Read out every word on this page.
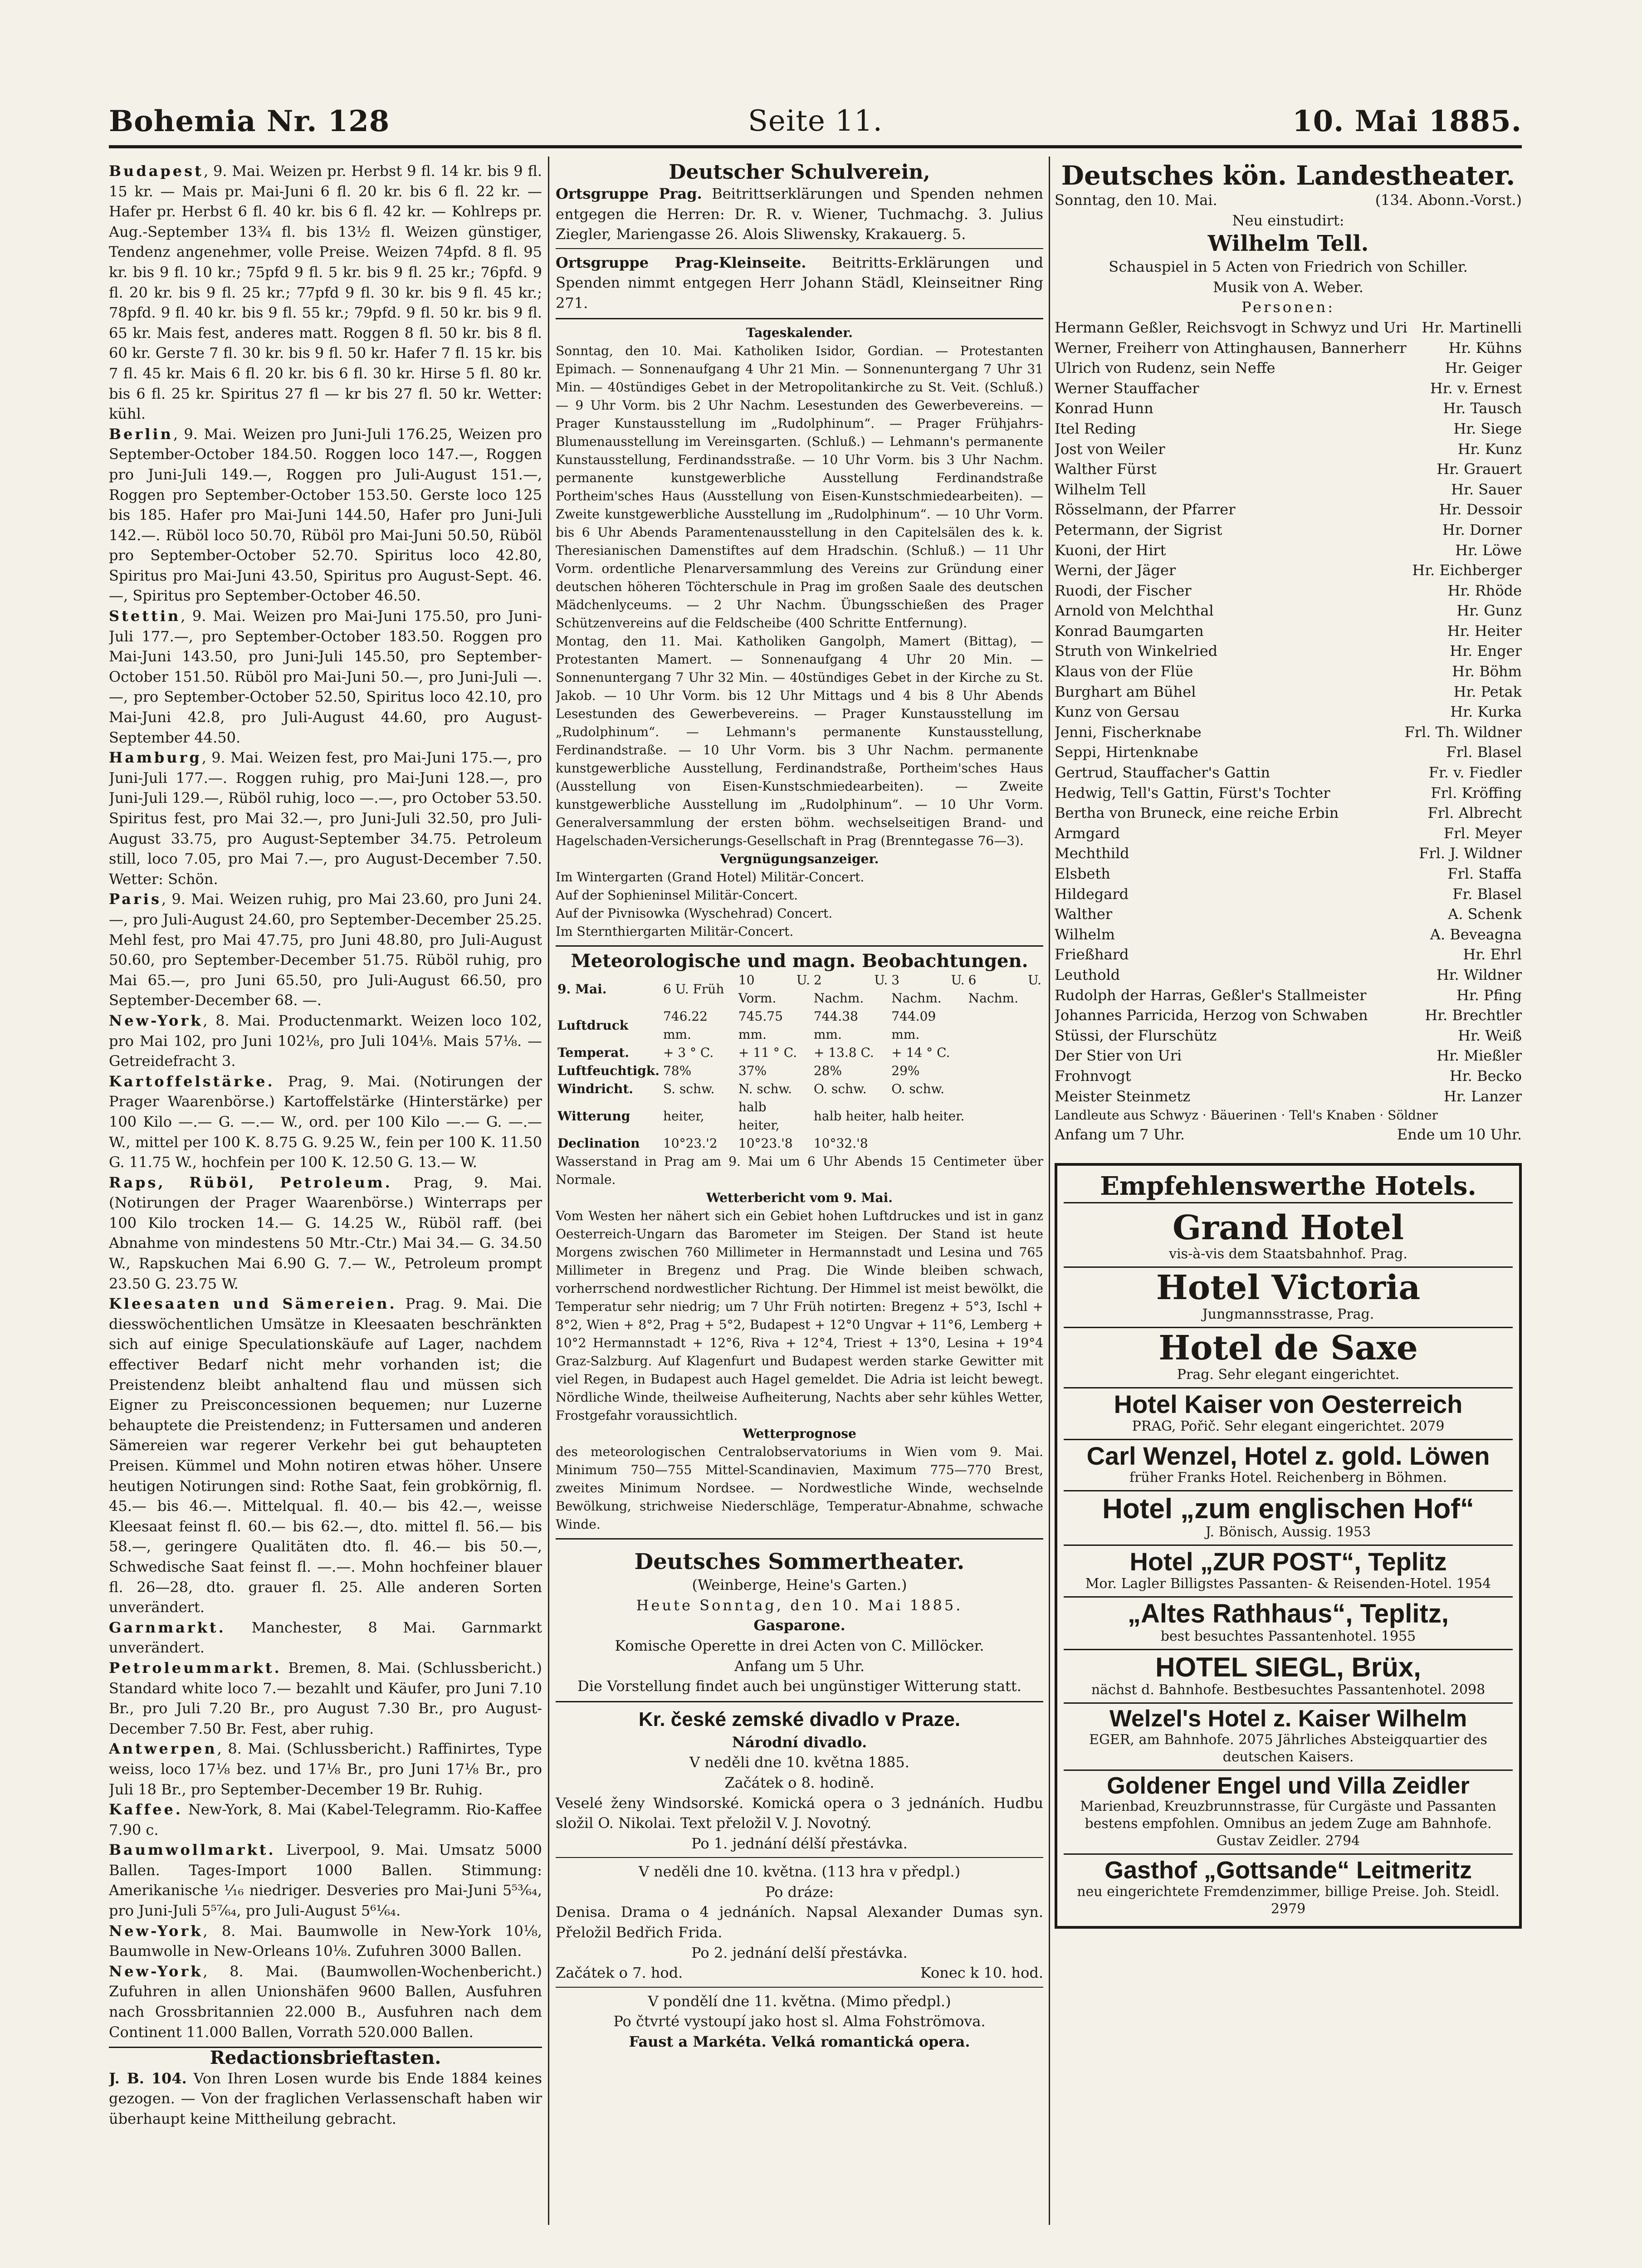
Bohemia Nr. 128	Seite 11.	10. Mai 1885.

Budapest, 9. Mai. Weizen pr. Herbst 9 fl. 14 kr. bis 9 fl. 15 kr. — Mais pr. Mai-Juni 6 fl. 20 kr. bis 6 fl. 22 kr. — Hafer pr. Herbst 6 fl. 40 kr. bis 6 fl. 42 kr. — Kohlreps pr. Aug.-September 13³⁄₄ fl. bis 13¹⁄₂ fl. Weizen günstiger, Tendenz angenehmer, volle Preise. Weizen 74pfd. 8 fl. 95 kr. bis 9 fl. 10 kr.; 75pfd 9 fl. 5 kr. bis 9 fl. 25 kr.; 76pfd. 9 fl. 20 kr. bis 9 fl. 25 kr.; 77pfd 9 fl. 30 kr. bis 9 fl. 45 kr.; 78pfd. 9 fl. 40 kr. bis 9 fl. 55 kr.; 79pfd. 9 fl. 50 kr. bis 9 fl. 65 kr. Mais fest, anderes matt. Roggen 8 fl. 50 kr. bis 8 fl. 60 kr. Gerste 7 fl. 30 kr. bis 9 fl. 50 kr. Hafer 7 fl. 15 kr. bis 7 fl. 45 kr. Mais 6 fl. 20 kr. bis 6 fl. 30 kr. Hirse 5 fl. 80 kr. bis 6 fl. 25 kr. Spiritus 27 fl — kr bis 27 fl. 50 kr. Wetter: kühl.

Berlin, 9. Mai. Weizen pro Juni-Juli 176.25, Weizen pro September-October 184.50. Roggen loco 147.—, Roggen pro Juni-Juli 149.—, Roggen pro Juli-August 151.—, Roggen pro September-October 153.50. Gerste loco 125 bis 185. Hafer pro Mai-Juni 144.50, Hafer pro Juni-Juli 142.—. Rüböl loco 50.70, Rüböl pro Mai-Juni 50.50, Rüböl pro September-October 52.70. Spiritus loco 42.80, Spiritus pro Mai-Juni 43.50, Spiritus pro August-Sept. 46.—, Spiritus pro September-October 46.50.

Stettin, 9. Mai. Weizen pro Mai-Juni 175.50, pro Juni-Juli 177.—, pro September-October 183.50. Roggen pro Mai-Juni 143.50, pro Juni-Juli 145.50, pro September-October 151.50. Rüböl pro Mai-Juni 50.—, pro Juni-Juli —.—, pro September-October 52.50, Spiritus loco 42.10, pro Mai-Juni 42.8, pro Juli-August 44.60, pro August-September 44.50.

Hamburg, 9. Mai. Weizen fest, pro Mai-Juni 175.—, pro Juni-Juli 177.—. Roggen ruhig, pro Mai-Juni 128.—, pro Juni-Juli 129.—, Rüböl ruhig, loco —.—, pro October 53.50. Spiritus fest, pro Mai 32.—, pro Juni-Juli 32.50, pro Juli-August 33.75, pro August-September 34.75. Petroleum still, loco 7.05, pro Mai 7.—, pro August-December 7.50. Wetter: Schön.

Paris, 9. Mai. Weizen ruhig, pro Mai 23.60, pro Juni 24.—, pro Juli-August 24.60, pro September-December 25.25. Mehl fest, pro Mai 47.75, pro Juni 48.80, pro Juli-August 50.60, pro September-December 51.75. Rüböl ruhig, pro Mai 65.—, pro Juni 65.50, pro Juli-August 66.50, pro September-December 68. —.

New-York, 8. Mai. Productenmarkt. Weizen loco 102, pro Mai 102, pro Juni 102⅛, pro Juli 104⅛. Mais 57⅛. — Getreidefracht 3.

Kartoffelstärke. Prag, 9. Mai. (Notirungen der Prager Waarenbörse.) Kartoffelstärke (Hinterstärke) per 100 Kilo —.— G. —.— W., ord. per 100 Kilo —.— G. —.— W., mittel per 100 K. 8.75 G. 9.25 W., fein per 100 K. 11.50 G. 11.75 W., hochfein per 100 K. 12.50 G. 13.— W.

Raps, Rüböl, Petroleum. Prag, 9. Mai. (Notirungen der Prager Waarenbörse.) Winterraps per 100 Kilo trocken 14.— G. 14.25 W., Rüböl raff. (bei Abnahme von mindestens 50 Mtr.-Ctr.) Mai 34.— G. 34.50 W., Rapskuchen Mai 6.90 G. 7.— W., Petroleum prompt 23.50 G. 23.75 W.

Kleesaaten und Sämereien. Prag. 9. Mai. Die diesswöchentlichen Umsätze in Kleesaaten beschränkten sich auf einige Speculationskäufe auf Lager, nachdem effectiver Bedarf nicht mehr vorhanden ist; die Preistendenz bleibt anhaltend flau und müssen sich Eigner zu Preisconcessionen bequemen; nur Luzerne behauptete die Preistendenz; in Futtersamen und anderen Sämereien war regerer Verkehr bei gut behaupteten Preisen. Kümmel und Mohn notiren etwas höher. Unsere heutigen Notirungen sind: Rothe Saat, fein grobkörnig, fl. 45.— bis 46.—. Mittelqual. fl. 40.— bis 42.—, weisse Kleesaat feinst fl. 60.— bis 62.—, dto. mittel fl. 56.— bis 58.—, geringere Qualitäten dto. fl. 46.— bis 50.—, Schwedische Saat feinst fl. —.—. Mohn hochfeiner blauer fl. 26—28, dto. grauer fl. 25. Alle anderen Sorten unverändert.

Garnmarkt. Manchester, 8 Mai. Garnmarkt unverändert.

Petroleummarkt. Bremen, 8. Mai. (Schlussbericht.) Standard white loco 7.— bezahlt und Käufer, pro Juni 7.10 Br., pro Juli 7.20 Br., pro August 7.30 Br., pro August-December 7.50 Br. Fest, aber ruhig.

Antwerpen, 8. Mai. (Schlussbericht.) Raffinirtes, Type weiss, loco 17⅛ bez. und 17⅛ Br., pro Juni 17⅛ Br., pro Juli 18 Br., pro September-December 19 Br. Ruhig.

Kaffee. New-York, 8. Mai (Kabel-Telegramm. Rio-Kaffee 7.90 c.

Baumwollmarkt. Liverpool, 9. Mai. Umsatz 5000 Ballen. Tages-Import 1000 Ballen. Stimmung: Amerikanische ¹⁄₁₆ niedriger. Desveries pro Mai-Juni 5⁵³⁄₆₄, pro Juni-Juli 5⁵⁷⁄₆₄, pro Juli-August 5⁶¹⁄₆₄.

New-York, 8. Mai. Baumwolle in New-York 10⅛, Baumwolle in New-Orleans 10⅛. Zufuhren 3000 Ballen.

New-York, 8. Mai. (Baumwollen-Wochenbericht.) Zufuhren in allen Unionshäfen 9600 Ballen, Ausfuhren nach Grossbritannien 22.000 B., Ausfuhren nach dem Continent 11.000 Ballen, Vorrath 520.000 Ballen.

Redactionsbrieftasten.

J. B. 104. Von Ihren Losen wurde bis Ende 1884 keines gezogen. — Von der fraglichen Verlassenschaft haben wir überhaupt keine Mittheilung gebracht.

Deutscher Schulverein,

Ortsgruppe Prag. Beitrittserklärungen und Spenden nehmen entgegen die Herren: Dr. R. v. Wiener, Tuchmachg. 3. Julius Ziegler, Mariengasse 26. Alois Sliwensky, Krakauerg. 5.

Ortsgruppe Prag-Kleinseite. Beitritts-Erklärungen und Spenden nimmt entgegen Herr Johann Städl, Kleinseitner Ring 271.

Tageskalender.

Sonntag, den 10. Mai. Katholiken Isidor, Gordian. — Protestanten Epimach. — Sonnenaufgang 4 Uhr 21 Min. — Sonnenuntergang 7 Uhr 31 Min. — 40stündiges Gebet in der Metropolitankirche zu St. Veit. (Schluß.) — 9 Uhr Vorm. bis 2 Uhr Nachm. Lesestunden des Gewerbevereins. — Prager Kunstausstellung im „Rudolphinum“. — Prager Frühjahrs-Blumenausstellung im Vereinsgarten. (Schluß.) — Lehmann's permanente Kunstausstellung, Ferdinandsstraße. — 10 Uhr Vorm. bis 3 Uhr Nachm. permanente kunstgewerbliche Ausstellung Ferdinandstraße Portheim'sches Haus (Ausstellung von Eisen-Kunstschmiedearbeiten). — Zweite kunstgewerbliche Ausstellung im „Rudolphinum“. — 10 Uhr Vorm. bis 6 Uhr Abends Paramentenausstellung in den Capitelsälen des k. k. Theresianischen Damenstiftes auf dem Hradschin. (Schluß.) — 11 Uhr Vorm. ordentliche Plenarversammlung des Vereins zur Gründung einer deutschen höheren Töchterschule in Prag im großen Saale des deutschen Mädchenlyceums. — 2 Uhr Nachm. Übungsschießen des Prager Schützenvereins auf die Feldscheibe (400 Schritte Entfernung).

Montag, den 11. Mai. Katholiken Gangolph, Mamert (Bittag), — Protestanten Mamert. — Sonnenaufgang 4 Uhr 20 Min. — Sonnenuntergang 7 Uhr 32 Min. — 40stündiges Gebet in der Kirche zu St. Jakob. — 10 Uhr Vorm. bis 12 Uhr Mittags und 4 bis 8 Uhr Abends Lesestunden des Gewerbevereins. — Prager Kunstausstellung im „Rudolphinum“. — Lehmann's permanente Kunstausstellung, Ferdinandstraße. — 10 Uhr Vorm. bis 3 Uhr Nachm. permanente kunstgewerbliche Ausstellung, Ferdinandstraße, Portheim'sches Haus (Ausstellung von Eisen-Kunstschmiedearbeiten). — Zweite kunstgewerbliche Ausstellung im „Rudolphinum“. — 10 Uhr Vorm. Generalversammlung der ersten böhm. wechselseitigen Brand- und Hagelschaden-Versicherungs-Gesellschaft in Prag (Brenntegasse 76—3).

Vergnügungsanzeiger.
Im Wintergarten (Grand Hotel) Militär-Concert.
Auf der Sophieninsel Militär-Concert.
Auf der Pivnisowka (Wyschehrad) Concert.
Im Sternthiergarten Militär-Concert.
Meteorologische und magn. Beobachtungen.
9. Mai.	6 U. Früh	10 U. Vorm.	2 U. Nachm.	3 U. Nachm.	6 U. Nachm.
Luftdruck	746.22 mm.	745.75 mm.	744.38 mm.	744.09 mm.	
Temperat.	+ 3 ° C.	+ 11 ° C.	+ 13.8 C.	+ 14 ° C.	
Luftfeuchtigk.	78%	37%	28%	29%	
Windricht.	S. schw.	N. schw.	O. schw.	O. schw.	
Witterung	heiter,	halb heiter,	halb heiter,	halb heiter.	
Declination	10°23.'2	10°23.'8	10°32.'8		

Wasserstand in Prag am 9. Mai um 6 Uhr Abends 15 Centimeter über Normale.

Wetterbericht vom 9. Mai.

Vom Westen her nähert sich ein Gebiet hohen Luftdruckes und ist in ganz Oesterreich-Ungarn das Barometer im Steigen. Der Stand ist heute Morgens zwischen 760 Millimeter in Hermannstadt und Lesina und 765 Millimeter in Bregenz und Prag. Die Winde bleiben schwach, vorherrschend nordwestlicher Richtung. Der Himmel ist meist bewölkt, die Temperatur sehr niedrig; um 7 Uhr Früh notirten: Bregenz + 5°3, Ischl + 8°2, Wien + 8°2, Prag + 5°2, Budapest + 12°0 Ungvar + 11°6, Lemberg + 10°2 Hermannstadt + 12°6, Riva + 12°4, Triest + 13°0, Lesina + 19°4 Graz-Salzburg. Auf Klagenfurt und Budapest werden starke Gewitter mit viel Regen, in Budapest auch Hagel gemeldet. Die Adria ist leicht bewegt. Nördliche Winde, theilweise Aufheiterung, Nachts aber sehr kühles Wetter, Frostgefahr voraussichtlich.

Wetterprognose

des meteorologischen Centralobservatoriums in Wien vom 9. Mai. Minimum 750—755 Mittel-Scandinavien, Maximum 775—770 Brest, zweites Minimum Nordsee. — Nordwestliche Winde, wechselnde Bewölkung, strichweise Niederschläge, Temperatur-Abnahme, schwache Winde.

Deutsches Sommertheater.
(Weinberge, Heine's Garten.)
Heute Sonntag, den 10. Mai 1885.
Gasparone.
Komische Operette in drei Acten von C. Millöcker.
Anfang um 5 Uhr.
Die Vorstellung findet auch bei ungünstiger Witterung statt.
Kr. české zemské divadlo v Praze.
Národní divadlo.
V neděli dne 10. května 1885.
Začátek o 8. hodině.

Veselé ženy Windsorské. Komická opera o 3 jednáních. Hudbu složil O. Nikolai. Text přeložil V. J. Novotný.

Po 1. jednání délší přestávka.
V neděli dne 10. května. (113 hra v předpl.)
Po dráze:

Denisa. Drama o 4 jednáních. Napsal Alexander Dumas syn. Přeložil Bedřich Frida.

Po 2. jednání delší přestávka.
Začátek o 7. hod.	Konec k 10. hod.
V pondělí dne 11. května. (Mimo předpl.)
Po čtvrté vystoupí jako host sl. Alma Fohströmova.
Faust a Markéta. Velká romantická opera.
Deutsches kön. Landestheater.
Sonntag, den 10. Mai.	(134. Abonn.-Vorst.)
Neu einstudirt:
Wilhelm Tell.
Schauspiel in 5 Acten von Friedrich von Schiller.
Musik von A. Weber.
Personen:
Hermann Geßler, Reichsvogt in Schwyz und Uri Hr. Martinelli
Werner, Freiherr von Attinghausen, Bannerherr	Hr. Kühns
Ulrich von Rudenz, sein Neffe	Hr. Geiger
Werner Stauffacher	Hr. v. Ernest
Konrad Hunn	Hr. Tausch
Itel Reding	Hr. Siege
Jost von Weiler	Hr. Kunz
Walther Fürst	Hr. Grauert
Wilhelm Tell	Hr. Sauer
Rösselmann, der Pfarrer	Hr. Dessoir
Petermann, der Sigrist	Hr. Dorner
Kuoni, der Hirt	Hr. Löwe
Werni, der Jäger	Hr. Eichberger
Ruodi, der Fischer	Hr. Rhöde
Arnold von Melchthal	Hr. Gunz
Konrad Baumgarten	Hr. Heiter
Struth von Winkelried	Hr. Enger
Klaus von der Flüe	Hr. Böhm
Burghart am Bühel	Hr. Petak
Kunz von Gersau	Hr. Kurka
Jenni, Fischerknabe	Frl. Th. Wildner
Seppi, Hirtenknabe	Frl. Blasel
Gertrud, Stauffacher's Gattin	Fr. v. Fiedler
Hedwig, Tell's Gattin, Fürst's Tochter	Frl. Kröffing
Bertha von Bruneck, eine reiche Erbin	Frl. Albrecht
Armgard	Frl. Meyer
Mechthild	Frl. J. Wildner
Elsbeth	Frl. Staffa
Hildegard	Fr. Blasel
Walther	A. Schenk
Wilhelm	A. Beveagna
Frießhard	Hr. Ehrl
Leuthold	Hr. Wildner
Rudolph der Harras, Geßler's Stallmeister	Hr. Pfing
Johannes Parricida, Herzog von Schwaben	Hr. Brechtler
Stüssi, der Flurschütz	Hr. Weiß
Der Stier von Uri	Hr. Mießler
Frohnvogt	Hr. Becko
Meister Steinmetz	Hr. Lanzer
Landleute aus Schwyz · Bäuerinen · Tell's Knaben · Söldner
Anfang um 7 Uhr.	Ende um 10 Uhr.
Empfehlenswerthe Hotels.
Grand Hotel
vis-à-vis dem Staatsbahnhof. Prag.
Hotel Victoria
Jungmannsstrasse, Prag.
Hotel de Saxe
Prag. Sehr elegant eingerichtet.
Hotel Kaiser von Oesterreich
PRAG, Pořič. Sehr elegant eingerichtet. 2079
Carl Wenzel, Hotel z. gold. Löwen
früher Franks Hotel. Reichenberg in Böhmen.
Hotel „zum englischen Hof“
J. Bönisch, Aussig. 1953
Hotel „ZUR POST“, Teplitz
Mor. Lagler Billigstes Passanten- & Reisenden-Hotel. 1954
„Altes Rathhaus“, Teplitz,
best besuchtes Passantenhotel. 1955
HOTEL SIEGL, Brüx,
nächst d. Bahnhofe. Bestbesuchtes Passantenhotel. 2098
Welzel's Hotel z. Kaiser Wilhelm
EGER, am Bahnhofe. 2075 Jährliches Absteigquartier des deutschen Kaisers.
Goldener Engel und Villa Zeidler
Marienbad, Kreuzbrunnstrasse, für Curgäste und Passanten bestens empfohlen. Omnibus an jedem Zuge am Bahnhofe. Gustav Zeidler. 2794
Gasthof „Gottsande“ Leitmeritz
neu eingerichtete Fremdenzimmer, billige Preise. Joh. Steidl. 2979
